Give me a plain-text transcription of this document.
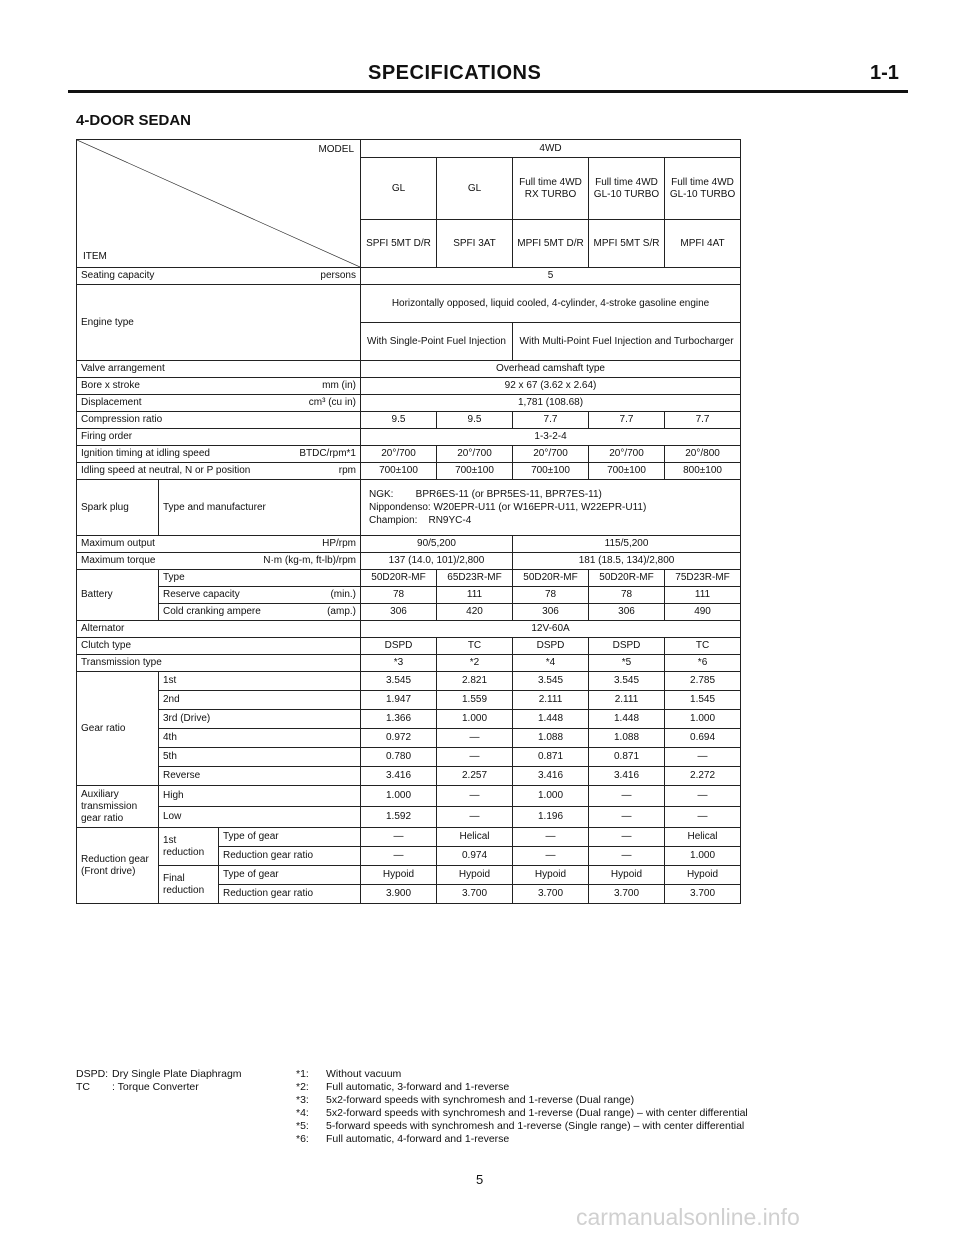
SPECIFICATIONS	1-1
4-DOOR SEDAN
MODEL
ITEM			4WD				
			GL	GL	Full time 4WD RX TURBO	Full time 4WD GL-10 TURBO	Full time 4WD GL-10 TURBO
			SPFI 5MT D/R	SPFI 3AT	MPFI 5MT D/R	MPFI 5MT S/R	MPFI 4AT

Seating capacity persons			5				
Engine type			Horizontally opposed, liquid cooled, 4-cylinder, 4-stroke gasoline engine				
			With Single-Point Fuel Injection		With Multi-Point Fuel Injection and Turbocharger		
Valve arrangement			Overhead camshaft type				

Bore x stroke mm (in)			92 x 67 (3.62 x 2.64)				

Displacement cm³ (cu in)			1,781 (108.68)				
Compression ratio			9.5	9.5	7.7	7.7	7.7
Firing order			1-3-2-4				

Ignition timing at idling speed BTDC/rpm*1			20°/700	20°/700	20°/700	20°/700	20°/800

Idling speed at neutral, N or P position rpm			700±100	700±100	700±100	700±100	800±100
Spark plug	Type and manufacturer		NGK:        BPR6ES-11 (or BPR5ES-11, BPR7ES-11)
Nippondenso: W20EPR-U11 (or W16EPR-U11, W22EPR-U11)
Champion:    RN9YC-4				

Maximum output HP/rpm			90/5,200		115/5,200		

Maximum torque N·m (kg-m, ft-lb)/rpm			137 (14.0, 101)/2,800		181 (18.5, 134)/2,800		
Battery	Type		50D20R-MF	65D23R-MF	50D20R-MF	50D20R-MF	75D23R-MF

	Reserve capacity (min.)		78	111	78	78	111

	Cold cranking ampere (amp.)		306	420	306	306	490
Alternator			12V-60A				
Clutch type			DSPD	TC	DSPD	DSPD	TC
Transmission type			*3	*2	*4	*5	*6
Gear ratio	1st		3.545	2.821	3.545	3.545	2.785
	2nd		1.947	1.559	2.111	2.111	1.545
	3rd (Drive)		1.366	1.000	1.448	1.448	1.000
	4th		0.972	—	1.088	1.088	0.694
	5th		0.780	—	0.871	0.871	—
	Reverse		3.416	2.257	3.416	3.416	2.272
Auxiliary transmission gear ratio	High		1.000	—	1.000	—	—
	Low		1.592	—	1.196	—	—
Reduction gear (Front drive)	1st reduction	Type of gear	—	Helical	—	—	Helical
		Reduction gear ratio	—	0.974	—	—	1.000
	Final reduction	Type of gear	Hypoid	Hypoid	Hypoid	Hypoid	Hypoid
		Reduction gear ratio	3.900	3.700	3.700	3.700	3.700
DSPD: Dry Single Plate Diaphragm
TC	: Torque Converter
*1:	Without vacuum
*2:	Full automatic, 3-forward and 1-reverse
*3:	5x2-forward speeds with synchromesh and 1-reverse (Dual range)
*4:	5x2-forward speeds with synchromesh and 1-reverse (Dual range) – with center differential
*5:	5-forward speeds with synchromesh and 1-reverse (Single range) – with center differential
*6:	Full automatic, 4-forward and 1-reverse
5
carmanualsonline.info
